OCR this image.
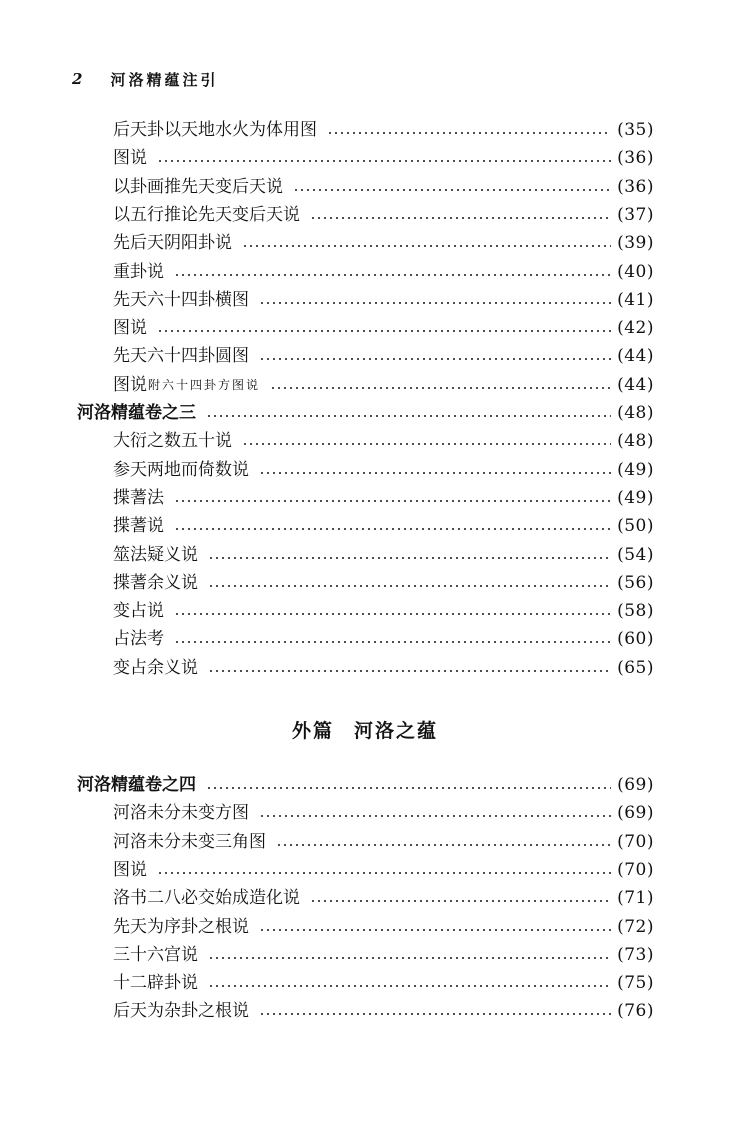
2 河洛精蕴注引
后天卦以天地水火为体用图	(35)
图说	(36)
以卦画推先天变后天说	(36)
以五行推论先天变后天说	(37)
先后天阴阳卦说	(39)
重卦说	(40)
先天六十四卦横图	(41)
图说	(42)
先天六十四卦圆图	(44)
图说 附六十四卦方图说	(44)
河洛精蕴卷之三	(48)
大衍之数五十说	(48)
参天两地而倚数说	(49)
揲蓍法	(49)
揲蓍说	(50)
筮法疑义说	(54)
揲蓍余义说	(56)
变占说	(58)
占法考	(60)
变占余义说	(65)
外篇 河洛之蕴
河洛精蕴卷之四	(69)
河洛未分未变方图	(69)
河洛未分未变三角图	(70)
图说	(70)
洛书二八必交始成造化说	(71)
先天为序卦之根说	(72)
三十六宫说	(73)
十二辟卦说	(75)
后天为杂卦之根说	(76)
